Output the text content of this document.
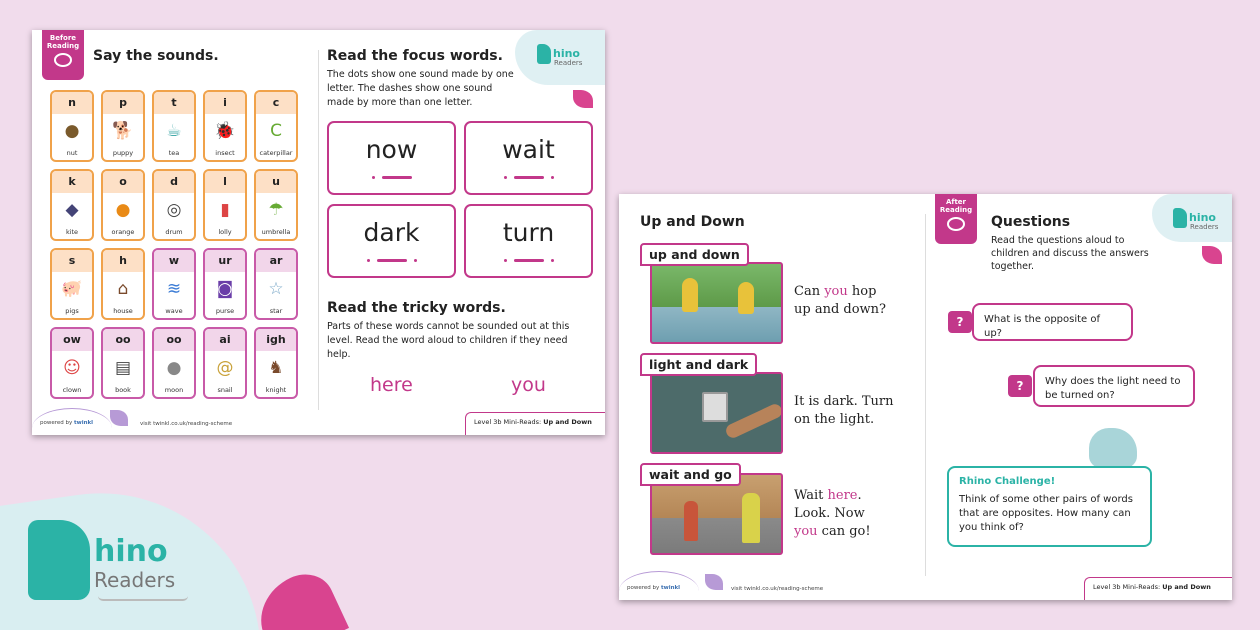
hino
Readers
Before Reading
Say the sounds.
n
●
nut
p
🐕
puppy
t
☕
tea
i
🐞
insect
c
C
caterpillar
k
◆
kite
o
●
orange
d
◎
drum
l
▮
lolly
u
☂
umbrella
s
🐖
pigs
h
⌂
house
w
≋
wave
ur
◙
purse
ar
☆
star
ow
☺
clown
oo
▤
book
oo
●
moon
ai
@
snail
igh
♞
knight
hino
Readers
Read the focus words.
The dots show one sound made by one letter. The dashes show one sound made by more than one letter.
now	wait
dark	turn
Read the tricky words.
Parts of these words cannot be sounded out at this level. Read the word aloud to children if they need help.
here	you
powered by twinkl	visit twinkl.co.uk/reading-scheme	Level 3b Mini-Reads: Up and Down
Up and Down
up and down
Can you hop
up and down?
light and dark
It is dark. Turn
on the light.
wait and go
Wait here.
Look. Now
you can go!
After Reading
Questions
Read the questions aloud to children and discuss the answers together.
hino
Readers
?	What is the opposite of up?
?	Why does the light need to be turned on?
Rhino Challenge!
Think of some other pairs of words that are opposites. How many can you think of?
powered by twinkl	visit twinkl.co.uk/reading-scheme	Level 3b Mini-Reads: Up and Down
